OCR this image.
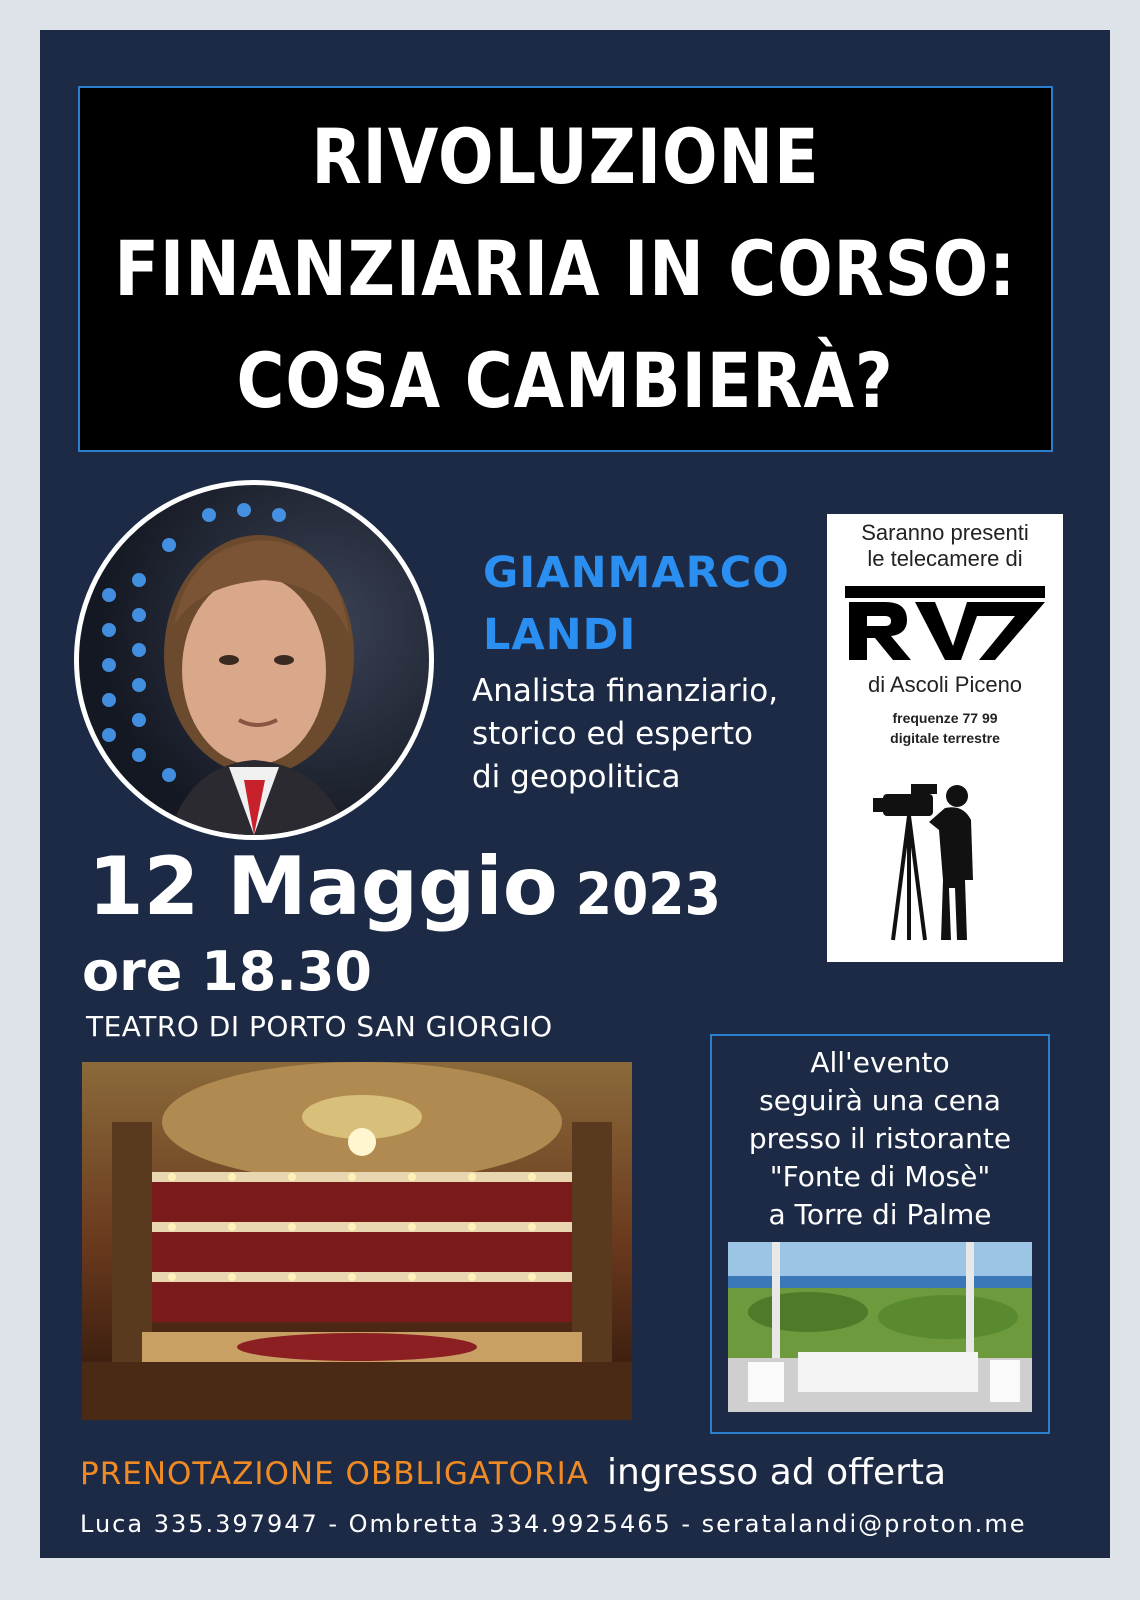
RIVOLUZIONE
FINANZIARIA IN CORSO:
COSA CAMBIERÀ?
GIANMARCO
LANDI
Analista finanziario,
storico ed esperto
di geopolitica
Saranno presenti
le telecamere di
di Ascoli Piceno
frequenze 77 99
digitale terrestre
12 Maggio 2023
ore 18.30
TEATRO DI PORTO SAN GIORGIO
All'evento
seguirà una cena
presso il ristorante
"Fonte di Mosè"
a Torre di Palme
PRENOTAZIONE OBBLIGATORIA ingresso ad offerta
Luca 335.397947 - Ombretta 334.9925465 - seratalandi@proton.me
